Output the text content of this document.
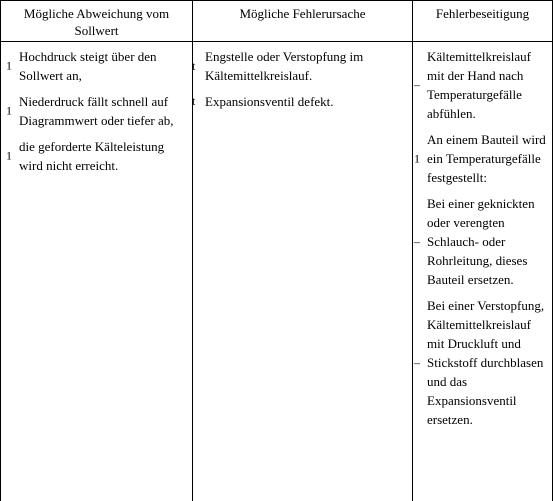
Mögliche Abweichung vom Sollwert
Mögliche Fehlerursache	Fehlerbeseitigung
1
Hochdruck steigt über den Sollwert an,
1
Niederdruck fällt schnell auf Diagrammwert oder tiefer ab,
1
die geforderte Kälteleistung wird nicht erreicht.
t
Engstelle oder Verstopfung im Kältemittelkreislauf.
t Expansionsventil defekt.
–
Kältemittelkreislauf mit der Hand nach Temperaturgefälle abfühlen.
1
An einem Bauteil wird ein Temperaturgefälle festgestellt:
–
Bei einer geknickten oder verengten Schlauch- oder Rohrleitung, dieses Bauteil ersetzen.
–
Bei einer Verstopfung, Kältemittelkreislauf mit Druckluft und Stickstoff durchblasen und das Expansionsventil ersetzen.
